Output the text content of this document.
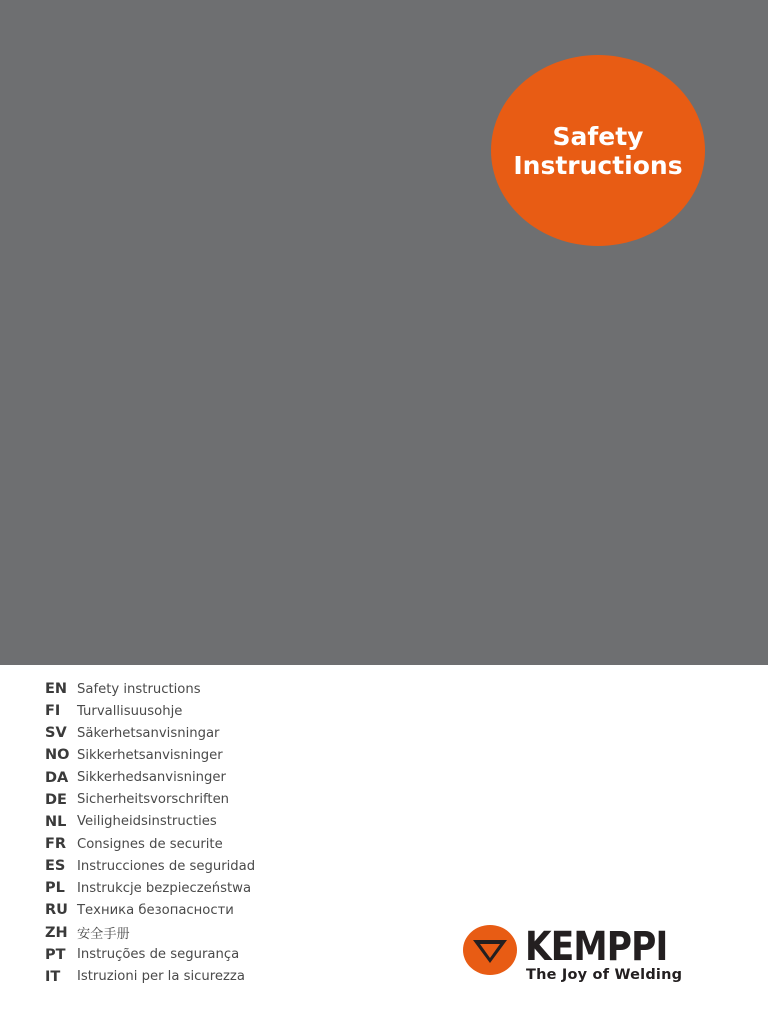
Safety
Instructions
EN Safety instructions
FI	Turvallisuusohje
SV Säkerhetsanvisningar
NO Sikkerhetsanvisninger
DA Sikkerhedsanvisninger
DE Sicherheitsvorschriften
NL Veiligheidsinstructies
FR Consignes de securite
ES Instrucciones de seguridad
PL Instrukcje bezpieczeństwa
RU Техника безопасности
ZH 安全手册
PT Instruções de segurança
IT	Istruzioni per la sicurezza
KEMPPI
The Joy of Welding
